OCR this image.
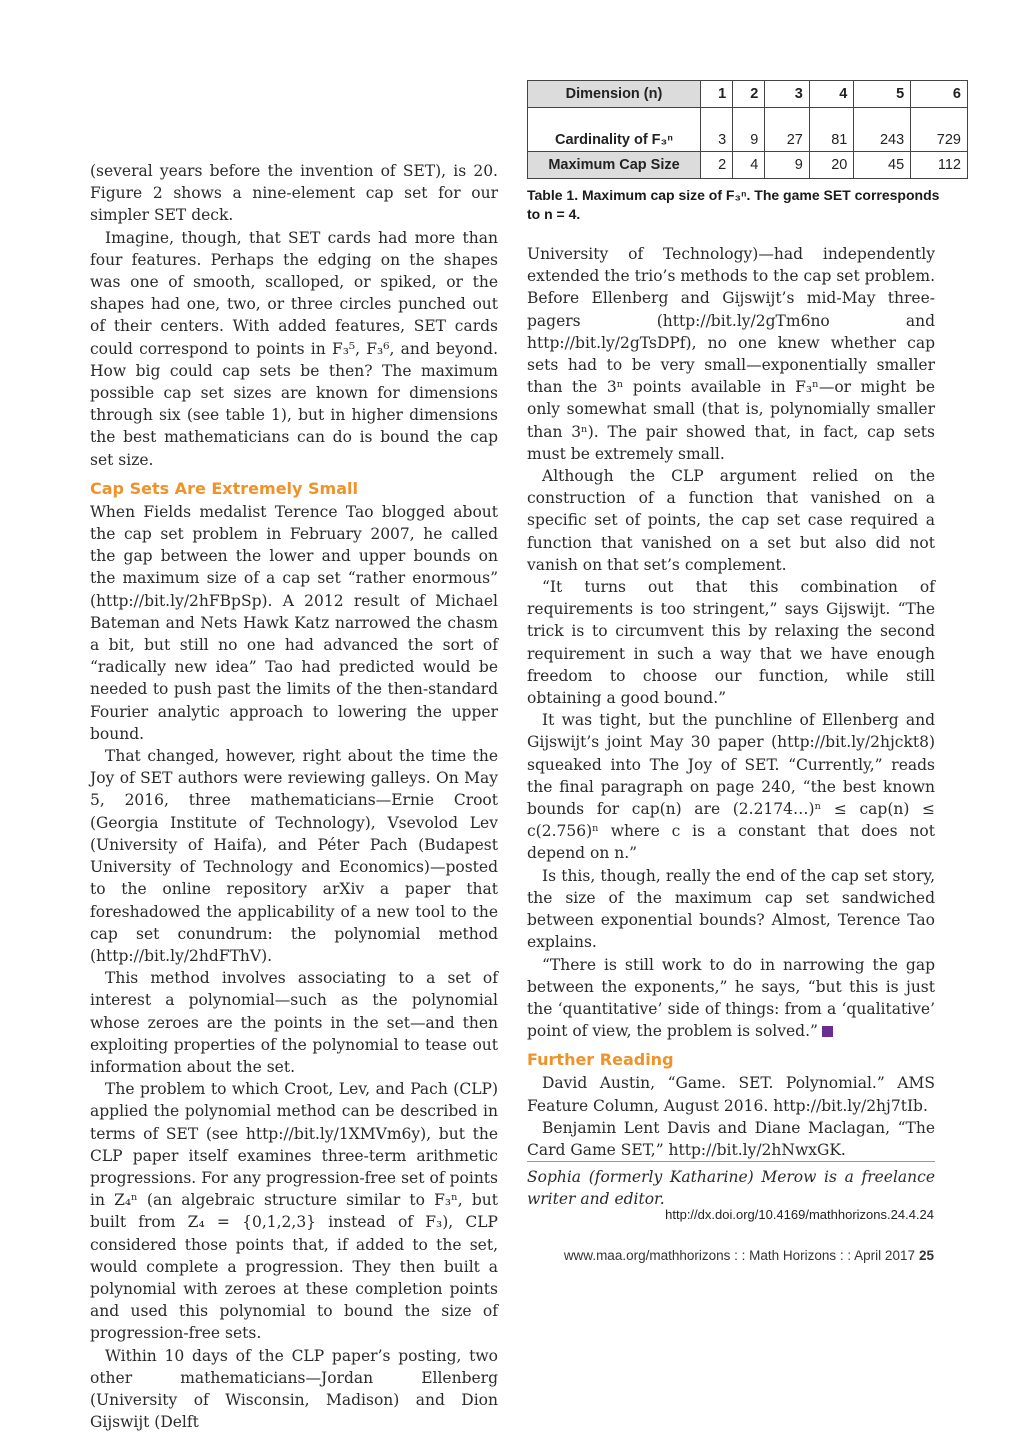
Dimension (n)	1	2	3	4	5	6
Cardinality of F₃ⁿ	3	9	27	81	243	729
Maximum Cap Size	2	4	9	20	45	112
Table 1. Maximum cap size of F₃ⁿ. The game SET corresponds to n = 4.

(several years before the invention of SET), is 20. Figure 2 shows a nine-element cap set for our simpler SET deck.

Imagine, though, that SET cards had more than four features. Perhaps the edging on the shapes was one of smooth, scalloped, or spiked, or the shapes had one, two, or three circles punched out of their centers. With added features, SET cards could correspond to points in F₃⁵, F₃⁶, and beyond. How big could cap sets be then? The maximum possible cap set sizes are known for dimensions through six (see table 1), but in higher dimensions the best mathematicians can do is bound the cap set size.

Cap Sets Are Extremely Small

When Fields medalist Terence Tao blogged about the cap set problem in February 2007, he called the gap between the lower and upper bounds on the maximum size of a cap set “rather enormous” (http://bit.ly/2hFBpSp). A 2012 result of Michael Bateman and Nets Hawk Katz narrowed the chasm a bit, but still no one had advanced the sort of “radically new idea” Tao had predicted would be needed to push past the limits of the then-standard Fourier analytic approach to lowering the upper bound.

That changed, however, right about the time the Joy of SET authors were reviewing galleys. On May 5, 2016, three mathematicians—Ernie Croot (Georgia Institute of Technology), Vsevolod Lev (University of Haifa), and Péter Pach (Budapest University of Technology and Economics)—posted to the online repository arXiv a paper that foreshadowed the applicability of a new tool to the cap set conundrum: the polynomial method (http://bit.ly/2hdFThV).

This method involves associating to a set of interest a polynomial—such as the polynomial whose zeroes are the points in the set—and then exploiting properties of the polynomial to tease out information about the set.

The problem to which Croot, Lev, and Pach (CLP) applied the polynomial method can be described in terms of SET (see http://bit.ly/1XMVm6y), but the CLP paper itself examines three-term arithmetic progressions. For any progression-free set of points in Z₄ⁿ (an algebraic structure similar to F₃ⁿ, but built from Z₄ = {0,1,2,3} instead of F₃), CLP considered those points that, if added to the set, would complete a progression. They then built a polynomial with zeroes at these completion points and used this polynomial to bound the size of progression-free sets.

Within 10 days of the CLP paper’s posting, two other mathematicians—Jordan Ellenberg (University of Wisconsin, Madison) and Dion Gijswijt (Delft

University of Technology)—had independently extended the trio’s methods to the cap set problem. Before Ellenberg and Gijswijt’s mid-May three-pagers (http://bit.ly/2gTm6no and http://bit.ly/2gTsDPf), no one knew whether cap sets had to be very small—exponentially smaller than the 3ⁿ points available in F₃ⁿ—or might be only somewhat small (that is, polynomially smaller than 3ⁿ). The pair showed that, in fact, cap sets must be extremely small.

Although the CLP argument relied on the construction of a function that vanished on a specific set of points, the cap set case required a function that vanished on a set but also did not vanish on that set’s complement.

“It turns out that this combination of requirements is too stringent,” says Gijswijt. “The trick is to circumvent this by relaxing the second requirement in such a way that we have enough freedom to choose our function, while still obtaining a good bound.”

It was tight, but the punchline of Ellenberg and Gijswijt’s joint May 30 paper (http://bit.ly/2hjckt8) squeaked into The Joy of SET. “Currently,” reads the final paragraph on page 240, “the best known bounds for cap(n) are (2.2174…)ⁿ ≤ cap(n) ≤ c(2.756)ⁿ where c is a constant that does not depend on n.”

Is this, though, really the end of the cap set story, the size of the maximum cap set sandwiched between exponential bounds? Almost, Terence Tao explains.

“There is still work to do in narrowing the gap between the exponents,” he says, “but this is just the ‘quantitative’ side of things: from a ‘qualitative’ point of view, the problem is solved.”

Further Reading

David Austin, “Game. SET. Polynomial.” AMS Feature Column, August 2016. http://bit.ly/2hj7tIb.

Benjamin Lent Davis and Diane Maclagan, “The Card Game SET,” http://bit.ly/2hNwxGK.

Sophia (formerly Katharine) Merow is a freelance writer and editor.

http://dx.doi.org/10.4169/mathhorizons.24.4.24
www.maa.org/mathhorizons : : Math Horizons : : April 2017 25
